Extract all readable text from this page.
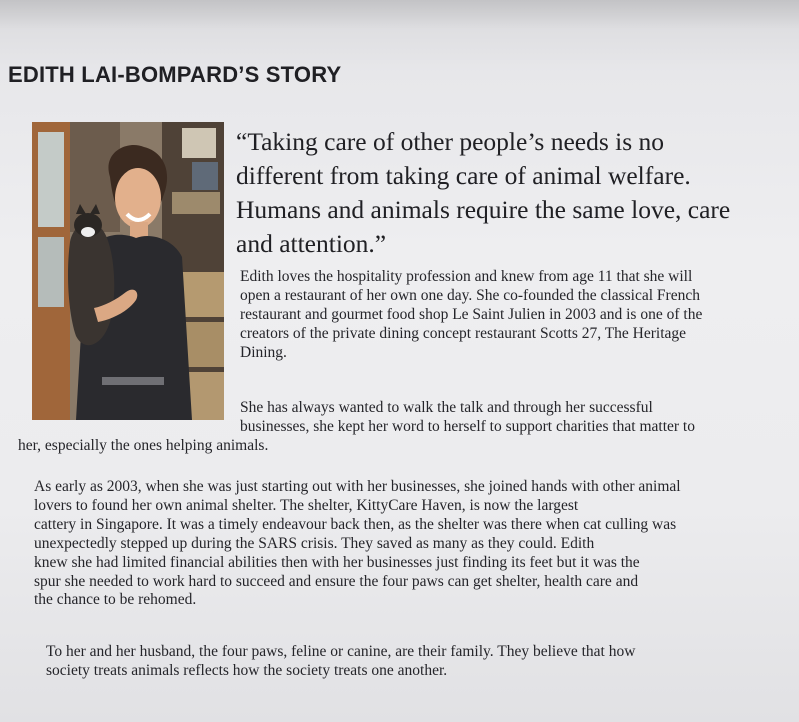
EDITH LAI-BOMPARD’S STORY
“Taking care of other people’s needs is no
different from taking care of animal welfare.
Humans and animals require the same love, care
and attention.”
Edith loves the hospitality profession and knew from age 11 that she will
open a restaurant of her own one day. She co-founded the classical French
restaurant and gourmet food shop Le Saint Julien in 2003 and is one of the
creators of the private dining concept restaurant Scotts 27, The Heritage
Dining.
She has always wanted to walk the talk and through her successful
businesses, she kept her word to herself to support charities that matter to
her, especially the ones helping animals.
As early as 2003, when she was just starting out with her businesses, she joined hands with other animal
lovers to found her own animal shelter. The shelter, KittyCare Haven, is now the largest
cattery in Singapore. It was a timely endeavour back then, as the shelter was there when cat culling was
unexpectedly stepped up during the SARS crisis. They saved as many as they could. Edith
knew she had limited financial abilities then with her businesses just finding its feet but it was the
spur she needed to work hard to succeed and ensure the four paws can get shelter, health care and
the chance to be rehomed.
To her and her husband, the four paws, feline or canine, are their family. They believe that how
society treats animals reflects how the society treats one another.
